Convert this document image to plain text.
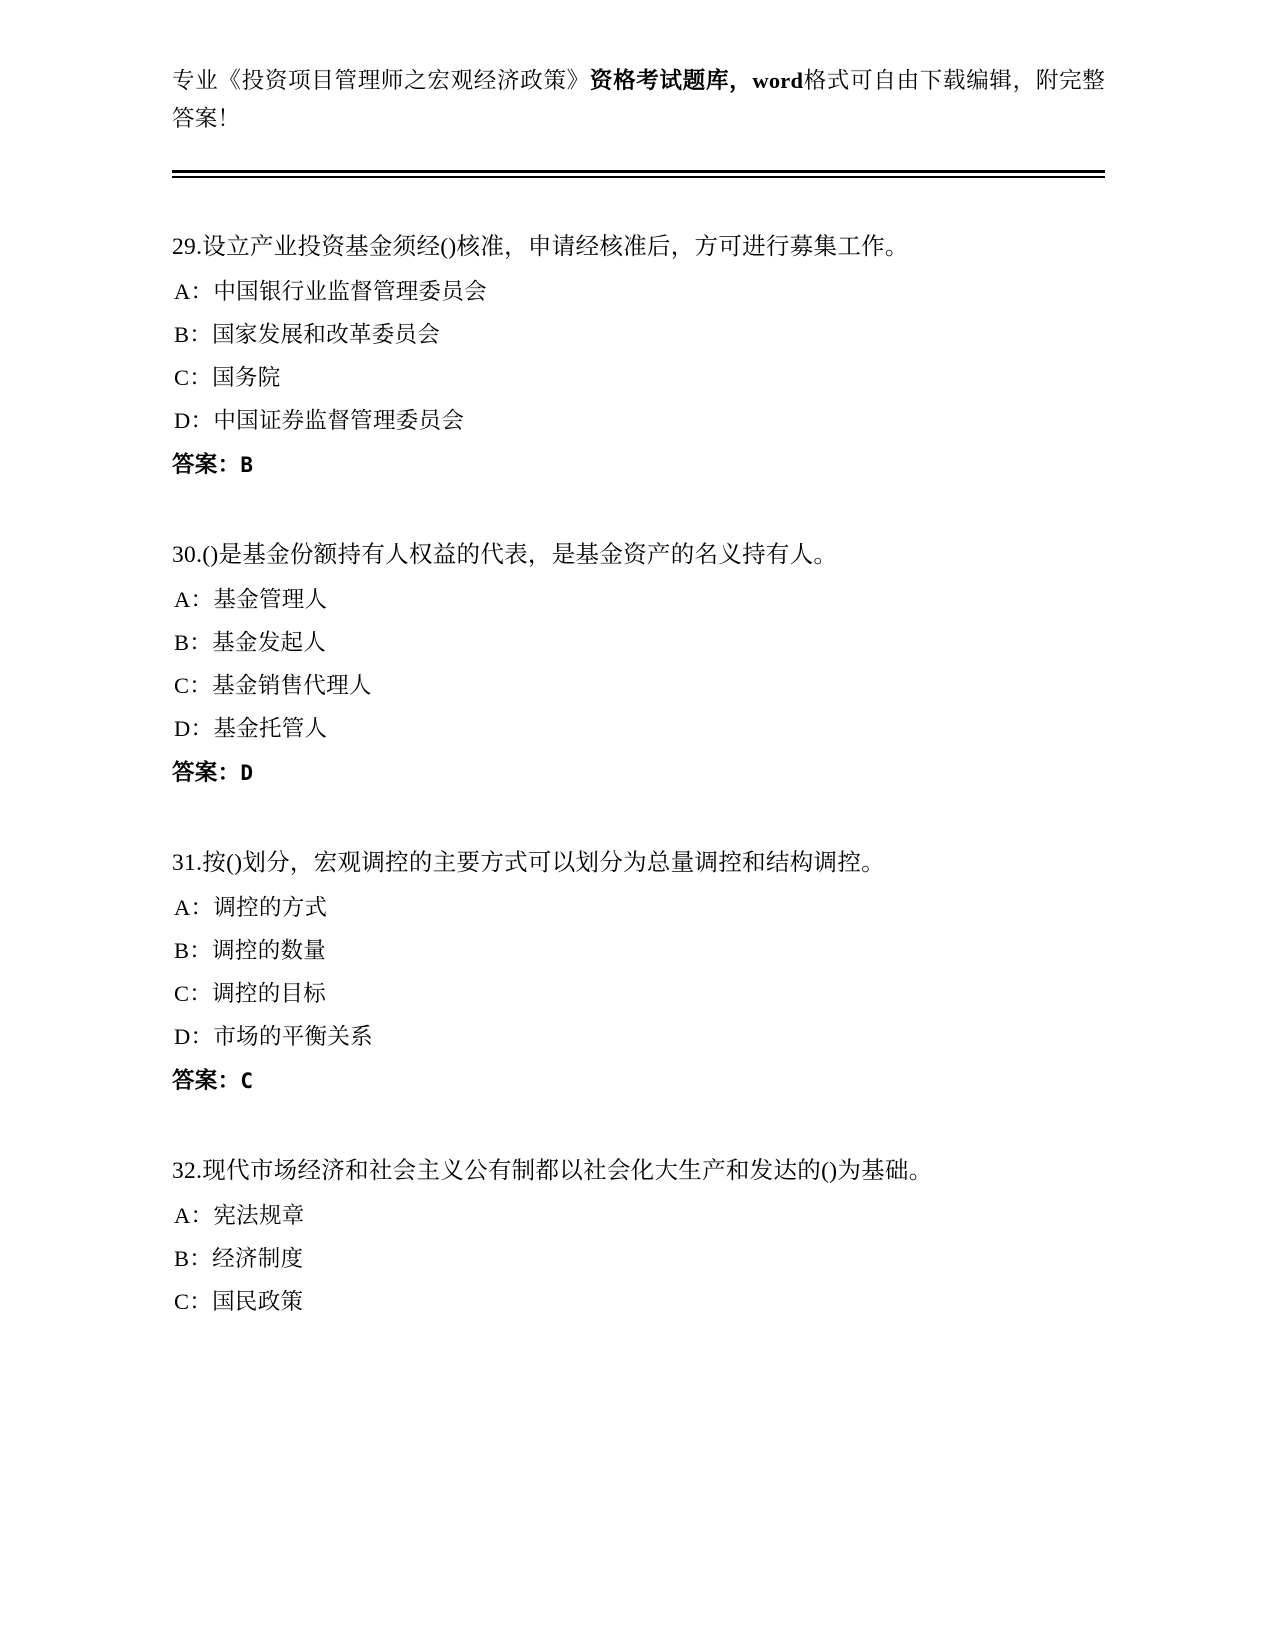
专业《投资项目管理师之宏观经济政策》资格考试题库，word格式可自由下载编辑，附完整答案！
29.设立产业投资基金须经()核准，申请经核准后，方可进行募集工作。
A：中国银行业监督管理委员会
B：国家发展和改革委员会
C：国务院
D：中国证券监督管理委员会
答案：B
30.()是基金份额持有人权益的代表，是基金资产的名义持有人。
A：基金管理人
B：基金发起人
C：基金销售代理人
D：基金托管人
答案：D
31.按()划分，宏观调控的主要方式可以划分为总量调控和结构调控。
A：调控的方式
B：调控的数量
C：调控的目标
D：市场的平衡关系
答案：C
32.现代市场经济和社会主义公有制都以社会化大生产和发达的()为基础。
A：宪法规章
B：经济制度
C：国民政策
